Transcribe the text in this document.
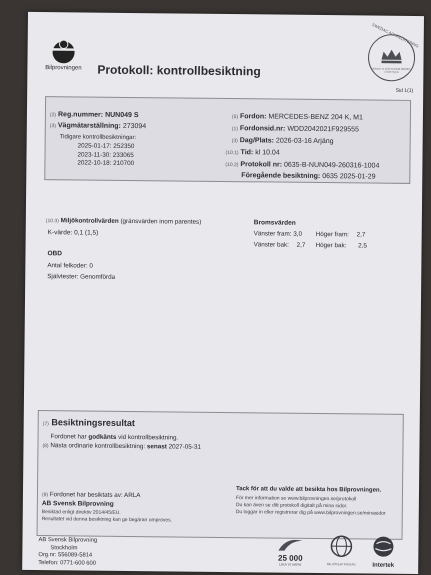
Bilprovningen Protokoll: kontrollbesiktning
SWEDAC ACKREDITERING
Ackred. nr 1016 Kontroll ISO/IEC 17020 Typ A
Sid 1(1)
(2) Reg.nummer: NUN049 S
(3) Vägmätarställning: 273094
Tidigare kontrollbesiktningar:
2025-01-17: 252350
2023-11-30: 233065
2022-10-18: 210700
(5) Fordon: MERCEDES-BENZ 204 K, M1
(1) Fordonsid.nr: WDD2042021F929555
(3) Dag/Plats: 2026-03-16 Arjäng
(10.1) Tid: kl 10.04
(10.2) Protokoll nr: 0635-B-NUN049-260316-1004
Föregående besiktning: 0635 2025-01-29
(10.3) Miljökontrollvärden (gränsvärden inom parentes)
K-värde: 0,1 (1,5)
Bromsvärden
Vänster fram: 3,0 Höger fram: 2,7
Vänster bak: 2,7 Höger bak: 2,5
OBD
Antal felkoder: 0
Självtester: Genomförda
(7) Besiktningsresultat
Fordonet har godkänts vid kontrollbesiktning.
(8) Nästa ordinarie kontrollbesiktning: senast 2027-05-31
(9) Fordonet har besiktats av: ARLA
AB Svensk Bilprovning
Besiktad enligt direktiv 2014/45/EU.
Resultatet vid denna besiktning kan ge begäran ompröves.
Tack för att du valde att besikta hos Bilprovningen.
För mer information se www.bilprovningen.se/protokoll
Du kan även se ditt protokoll digitalt på mina sidor.
Du loggar in eller registrerar dig på www.bilprovningen.se/minasidor
AB Svensk Bilprovning
Stockholm
Org.nr: 556089-5814
Telefon: 0771-600 600
25 000
LIKA VI VARA	MILJÖCERTIFIERAD	Intertek
